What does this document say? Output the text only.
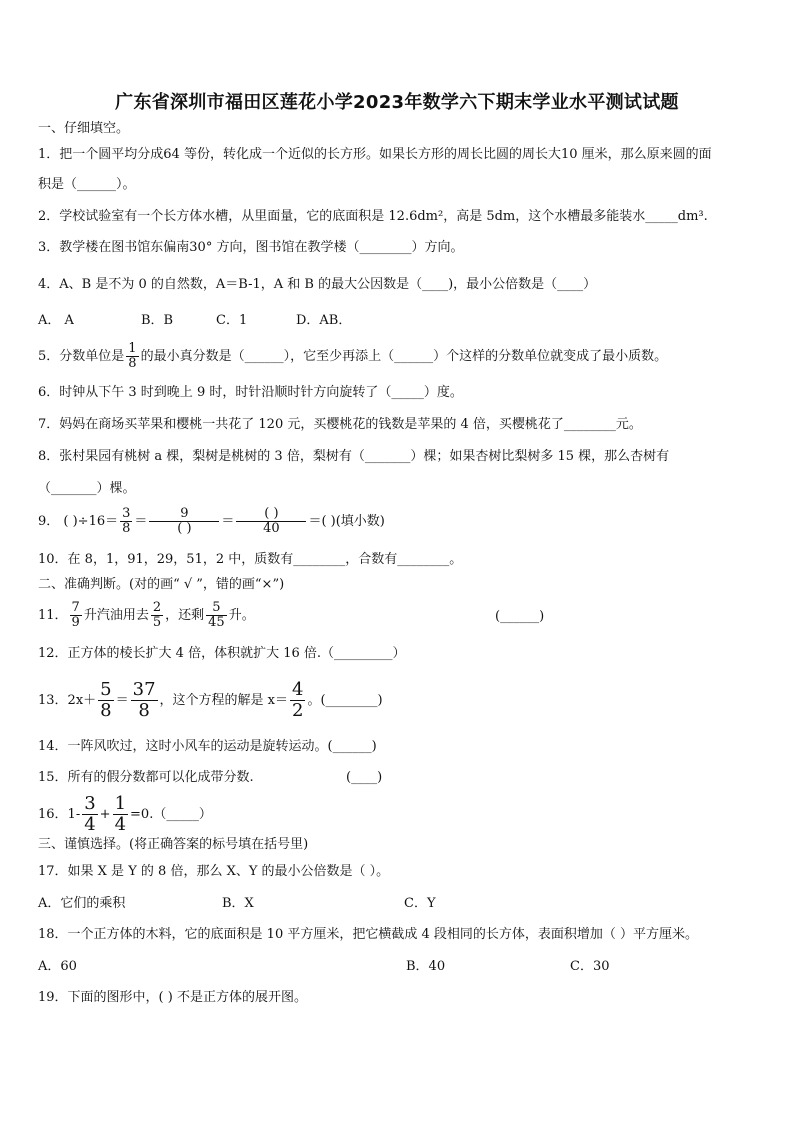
广东省深圳市福田区莲花小学2023年数学六下期末学业水平测试试题
一、仔细填空。
1．把一个圆平均分成64 等份，转化成一个近似的长方形。如果长方形的周长比圆的周长大10 厘米，那么原来圆的面
积是（______）。
2．学校试验室有一个长方体水槽，从里面量，它的底面积是 12.6dm²，高是 5dm，这个水槽最多能装水_____dm³.
3．教学楼在图书馆东偏南30° 方向，图书馆在教学楼（________）方向。
4．A、B 是不为 0 的自然数，A＝B-1，A 和 B 的最大公因数是（____)，最小公倍数是（____）
A． A	B．B	C．1	D．AB．
5．分数单位是 $\frac{1}{8}$ 的最小真分数是（______），它至少再添上（______）个这样的分数单位就变成了最小质数。
6．时钟从下午 3 时到晚上 9 时，时针沿顺时针方向旋转了（_____）度。
7．妈妈在商场买苹果和樱桃一共花了 120 元，买樱桃花的钱数是苹果的 4 倍，买樱桃花了________元。
8．张村果园有桃树 a 棵，梨树是桃树的 3 倍，梨树有（_______）棵；如果杏树比梨树多 15 棵，那么杏树有
（_______）棵。
9． ( )$\div 16= \frac{3}{8} = \frac{9}{( )} = \frac{( )}{40}$ ＝( )(填小数)
10．在 8，1，91，29，51，2 中，质数有________，合数有________。
二、准确判断。(对的画“ √ ”，错的画“×”)
11． $\frac{7}{9}$ 升汽油用去 $\frac{2}{5}$ ，还剩 $\frac{5}{45}$ 升。	(______)
12．正方体的棱长扩大 4 倍，体积就扩大 16 倍.（_________）
13．$2x+ \frac{5}{8} = \frac{37}{8}$ ，这个方程的解是 $x= \frac{4}{2}$ 。(________)
14．一阵风吹过，这时小风车的运动是旋转运动。(______)
15．所有的假分数都可以化成带分数.	(____)
16．$1- \frac{3}{4} + \frac{1}{4}$ =0.（_____）
三、谨慎选择。(将正确答案的标号填在括号里)
17．如果 X 是 Y 的 8 倍，那么 X、Y 的最小公倍数是（ ）。
A．它们的乘积	B．X	C．Y
18．一个正方体的木料，它的底面积是 10 平方厘米，把它横截成 4 段相同的长方体，表面积增加（ ）平方厘米。
A．60	B．40	C．30
19．下面的图形中，( ) 不是正方体的展开图。
